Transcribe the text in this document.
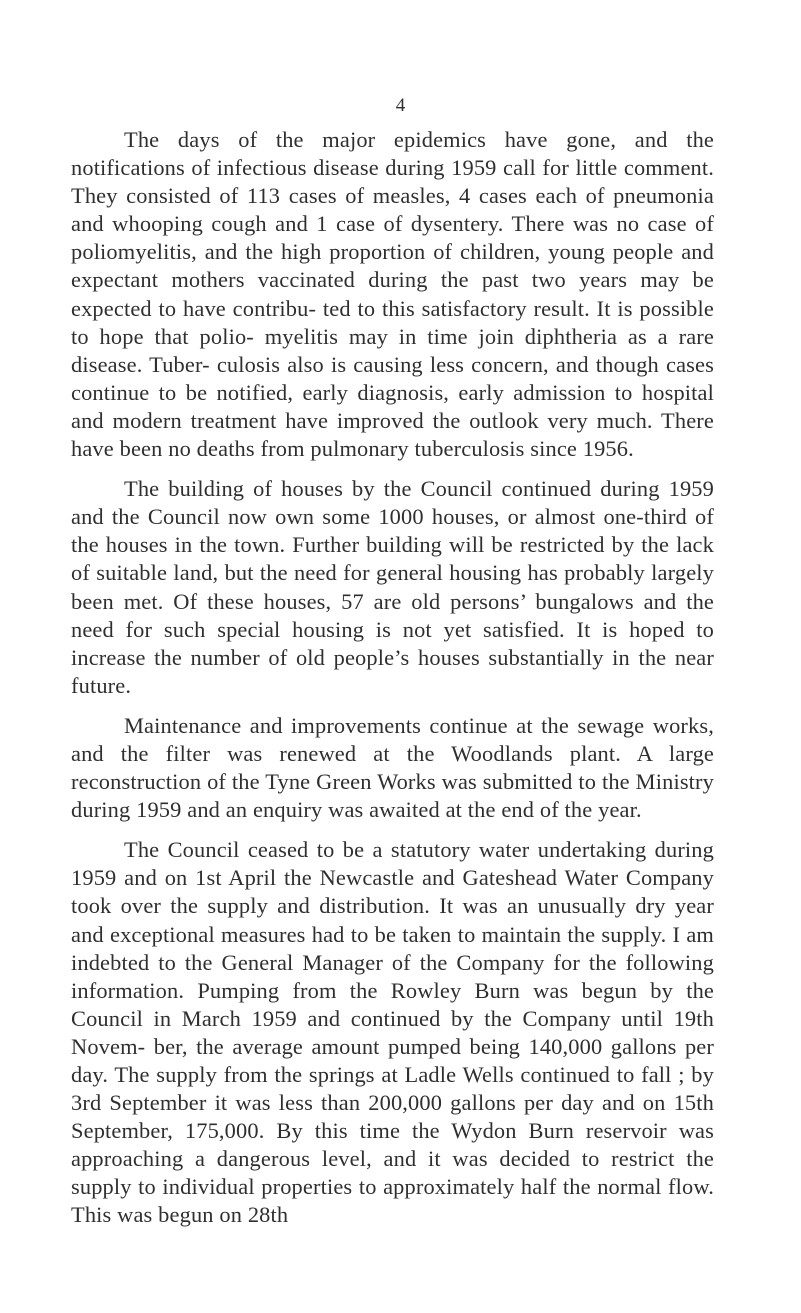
4

The days of the major epidemics have gone, and the notifications of infectious disease during 1959 call for little comment. They consisted of 113 cases of measles, 4 cases each of pneumonia and whooping cough and 1 case of dysentery. There was no case of poliomyelitis, and the high proportion of children, young people and expectant mothers vaccinated during the past two years may be expected to have contribu- ted to this satisfactory result. It is possible to hope that polio- myelitis may in time join diphtheria as a rare disease. Tuber- culosis also is causing less concern, and though cases continue to be notified, early diagnosis, early admission to hospital and modern treatment have improved the outlook very much. There have been no deaths from pulmonary tuberculosis since 1956.

The building of houses by the Council continued during 1959 and the Council now own some 1000 houses, or almost one-third of the houses in the town. Further building will be restricted by the lack of suitable land, but the need for general housing has probably largely been met. Of these houses, 57 are old persons’ bungalows and the need for such special housing is not yet satisfied. It is hoped to increase the number of old people’s houses substantially in the near future.

Maintenance and improvements continue at the sewage works, and the filter was renewed at the Woodlands plant. A large reconstruction of the Tyne Green Works was submitted to the Ministry during 1959 and an enquiry was awaited at the end of the year.

The Council ceased to be a statutory water undertaking during 1959 and on 1st April the Newcastle and Gateshead Water Company took over the supply and distribution. It was an unusually dry year and exceptional measures had to be taken to maintain the supply. I am indebted to the General Manager of the Company for the following information. Pumping from the Rowley Burn was begun by the Council in March 1959 and continued by the Company until 19th Novem- ber, the average amount pumped being 140,000 gallons per day. The supply from the springs at Ladle Wells continued to fall ; by 3rd September it was less than 200,000 gallons per day and on 15th September, 175,000. By this time the Wydon Burn reservoir was approaching a dangerous level, and it was decided to restrict the supply to individual properties to approximately half the normal flow. This was begun on 28th
